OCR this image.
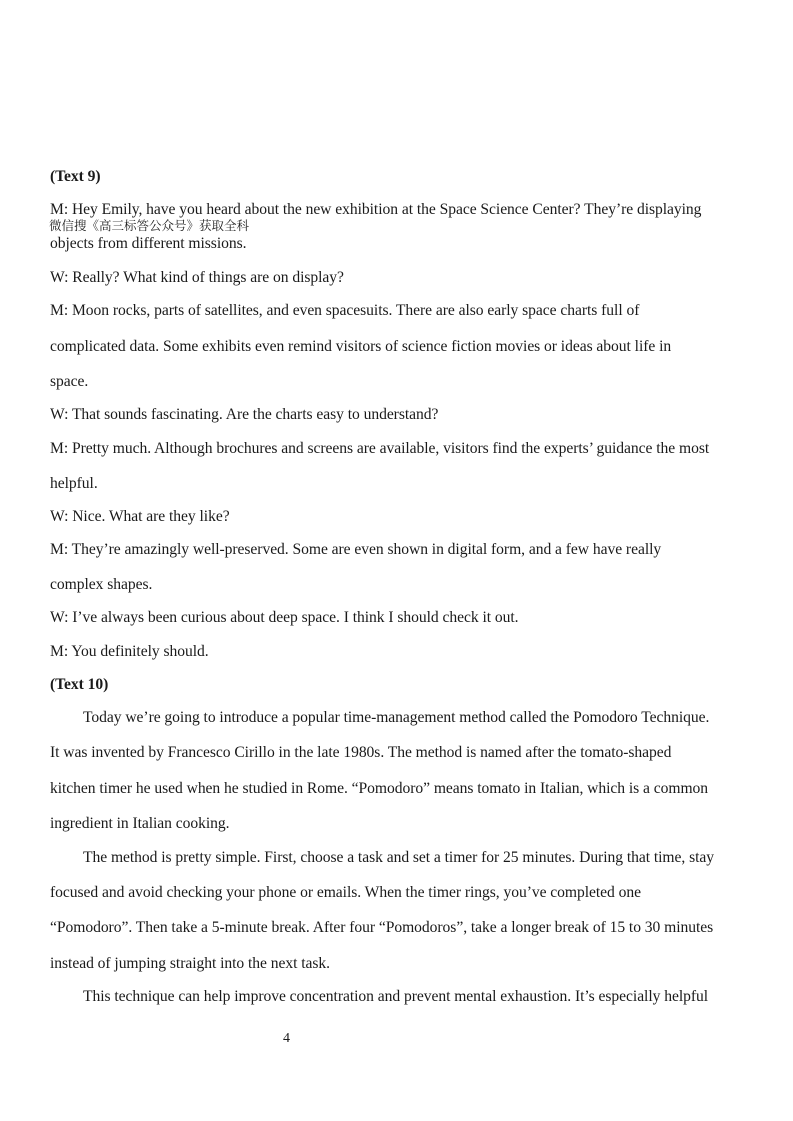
(Text 9)
M: Hey Emily, have you heard about the new exhibition at the Space Science Center? They’re displaying
微信搜《高三标答公众号》获取全科
objects from different missions.
W: Really? What kind of things are on display?
M: Moon rocks, parts of satellites, and even spacesuits. There are also early space charts full of
complicated data. Some exhibits even remind visitors of science fiction movies or ideas about life in
space.
W: That sounds fascinating. Are the charts easy to understand?
M: Pretty much. Although brochures and screens are available, visitors find the experts’ guidance the most
helpful.
W: Nice. What are they like?
M: They’re amazingly well-preserved. Some are even shown in digital form, and a few have really
complex shapes.
W: I’ve always been curious about deep space. I think I should check it out.
M: You definitely should.
(Text 10)
Today we’re going to introduce a popular time-management method called the Pomodoro Technique.
It was invented by Francesco Cirillo in the late 1980s. The method is named after the tomato-shaped
kitchen timer he used when he studied in Rome. “Pomodoro” means tomato in Italian, which is a common
ingredient in Italian cooking.
The method is pretty simple. First, choose a task and set a timer for 25 minutes. During that time, stay
focused and avoid checking your phone or emails. When the timer rings, you’ve completed one
“Pomodoro”. Then take a 5-minute break. After four “Pomodoros”, take a longer break of 15 to 30 minutes
instead of jumping straight into the next task.
This technique can help improve concentration and prevent mental exhaustion. It’s especially helpful
4
